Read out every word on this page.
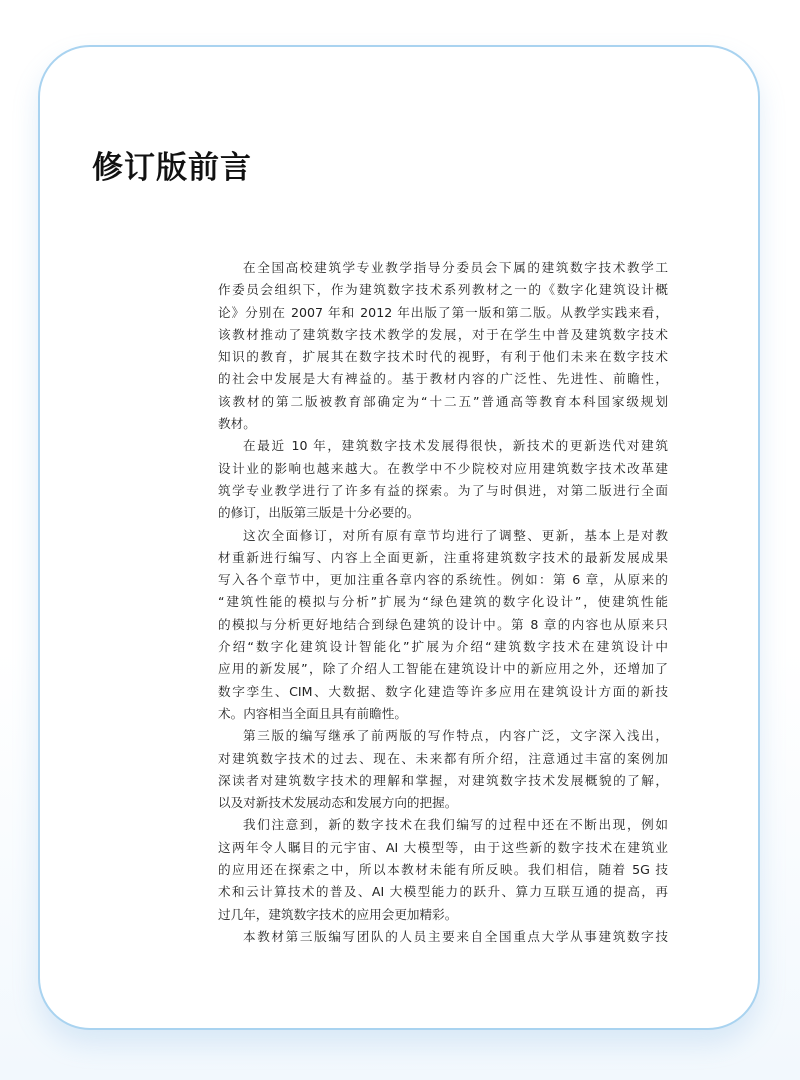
修订版前言
在全国高校建筑学专业教学指导分委员会下属的建筑数字技术教学工
作委员会组织下，作为建筑数字技术系列教材之一的《数字化建筑设计概
论》分别在 2007 年和 2012 年出版了第一版和第二版。从教学实践来看，
该教材推动了建筑数字技术教学的发展，对于在学生中普及建筑数字技术
知识的教育，扩展其在数字技术时代的视野，有利于他们未来在数字技术
的社会中发展是大有裨益的。基于教材内容的广泛性、先进性、前瞻性，
该教材的第二版被教育部确定为“十二五”普通高等教育本科国家级规划
教材。
在最近 10 年，建筑数字技术发展得很快，新技术的更新迭代对建筑
设计业的影响也越来越大。在教学中不少院校对应用建筑数字技术改革建
筑学专业教学进行了许多有益的探索。为了与时俱进，对第二版进行全面
的修订，出版第三版是十分必要的。
这次全面修订，对所有原有章节均进行了调整、更新，基本上是对教
材重新进行编写、内容上全面更新，注重将建筑数字技术的最新发展成果
写入各个章节中，更加注重各章内容的系统性。例如：第 6 章，从原来的
“建筑性能的模拟与分析”扩展为“绿色建筑的数字化设计”，使建筑性能
的模拟与分析更好地结合到绿色建筑的设计中。第 8 章的内容也从原来只
介绍“数字化建筑设计智能化”扩展为介绍“建筑数字技术在建筑设计中
应用的新发展”，除了介绍人工智能在建筑设计中的新应用之外，还增加了
数字孪生、CIM、大数据、数字化建造等许多应用在建筑设计方面的新技
术。内容相当全面且具有前瞻性。
第三版的编写继承了前两版的写作特点，内容广泛，文字深入浅出，
对建筑数字技术的过去、现在、未来都有所介绍，注意通过丰富的案例加
深读者对建筑数字技术的理解和掌握，对建筑数字技术发展概貌的了解，
以及对新技术发展动态和发展方向的把握。
我们注意到，新的数字技术在我们编写的过程中还在不断出现，例如
这两年令人瞩目的元宇宙、AI 大模型等，由于这些新的数字技术在建筑业
的应用还在探索之中，所以本教材未能有所反映。我们相信，随着 5G 技
术和云计算技术的普及、AI 大模型能力的跃升、算力互联互通的提高，再
过几年，建筑数字技术的应用会更加精彩。
本教材第三版编写团队的人员主要来自全国重点大学从事建筑数字技
